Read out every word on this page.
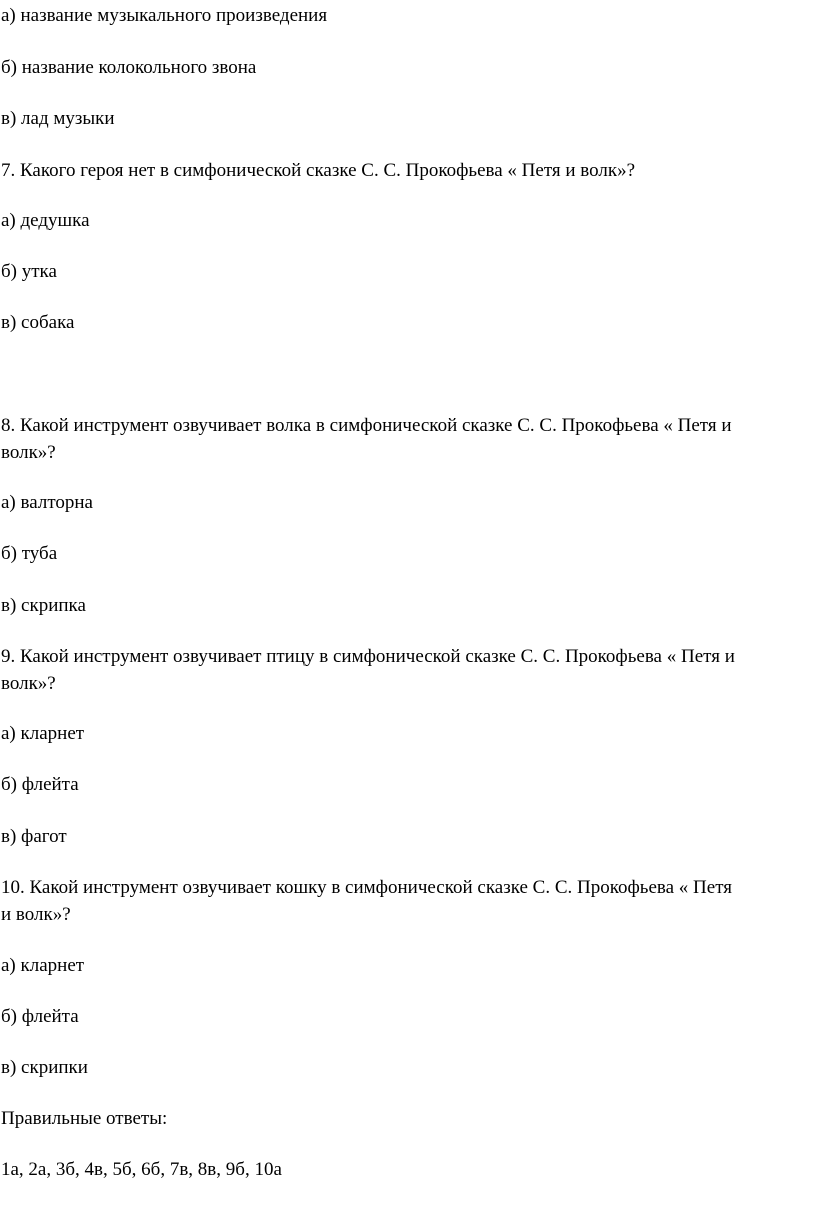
а) название музыкального произведения

б) название колокольного звона

в) лад музыки

7. Какого героя нет в симфонической сказке С. С. Прокофьева « Петя и волк»?

а) дедушка

б) утка

в) собака

8. Какой инструмент озвучивает волка в симфонической сказке С. С. Прокофьева « Петя и

волк»?

а) валторна

б) туба

в) скрипка

9. Какой инструмент озвучивает птицу в симфонической сказке С. С. Прокофьева « Петя и

волк»?

а) кларнет

б) флейта

в) фагот

10. Какой инструмент озвучивает кошку в симфонической сказке С. С. Прокофьева « Петя

и волк»?

а) кларнет

б) флейта

в) скрипки

Правильные ответы:

1а, 2а, 3б, 4в, 5б, 6б, 7в, 8в, 9б, 10а
